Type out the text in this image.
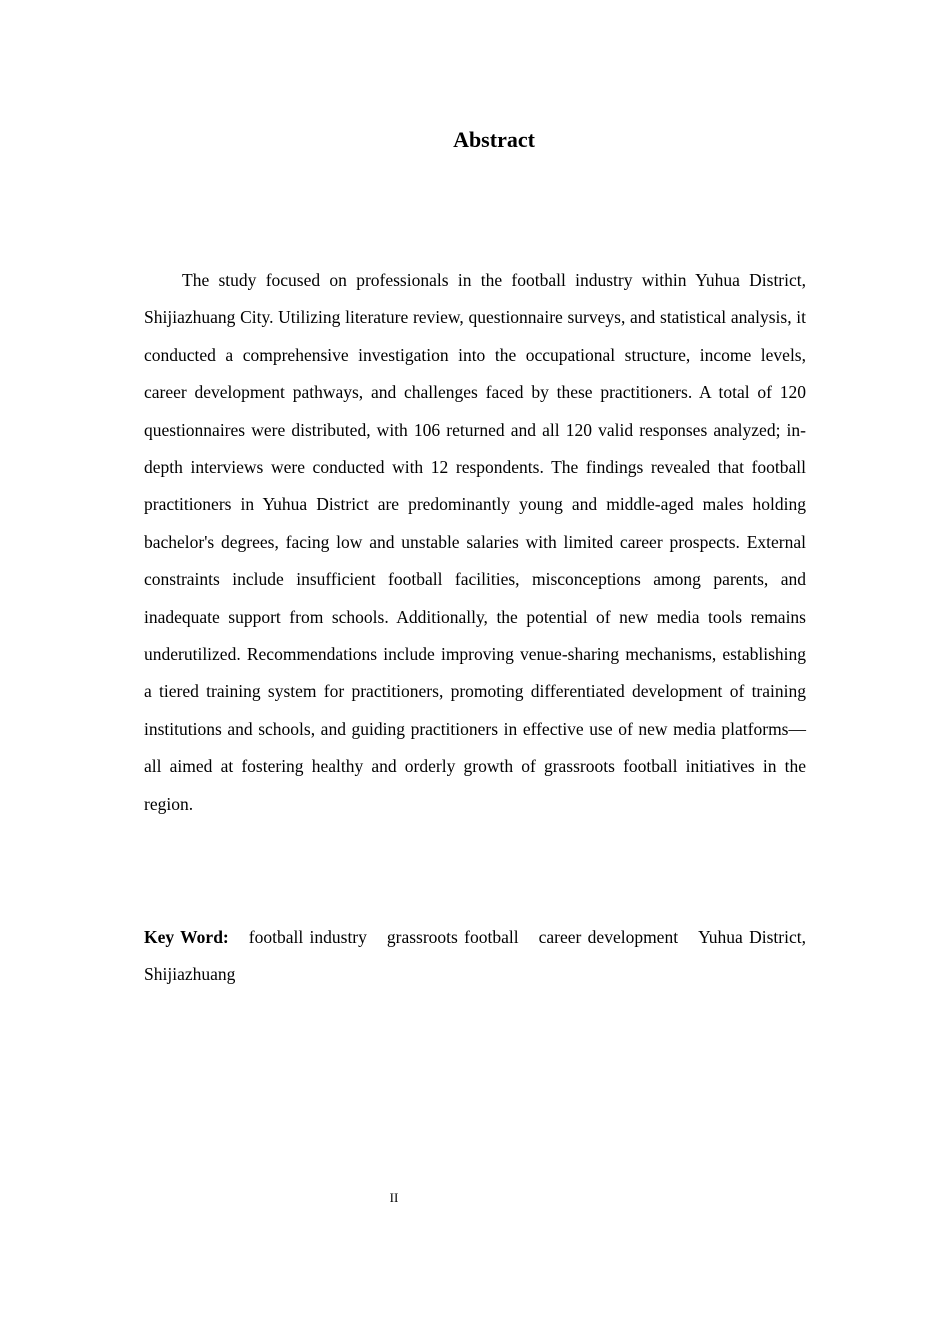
Abstract

The study focused on professionals in the football industry within Yuhua District, Shijiazhuang City. Utilizing literature review, questionnaire surveys, and statistical analysis, it conducted a comprehensive investigation into the occupational structure, income levels, career development pathways, and challenges faced by these practitioners. A total of 120 questionnaires were distributed, with 106 returned and all 120 valid responses analyzed; in-depth interviews were conducted with 12 respondents. The findings revealed that football practitioners in Yuhua District are predominantly young and middle-aged males holding bachelor's degrees, facing low and unstable salaries with limited career prospects. External constraints include insufficient football facilities, misconceptions among parents, and inadequate support from schools. Additionally, the potential of new media tools remains underutilized. Recommendations include improving venue-sharing mechanisms, establishing a tiered training system for practitioners, promoting differentiated development of training institutions and schools, and guiding practitioners in effective use of new media platforms—all aimed at fostering healthy and orderly growth of grassroots football initiatives in the region.

Key Word: football industry grassroots football career development Yuhua District, Shijiazhuang

II
